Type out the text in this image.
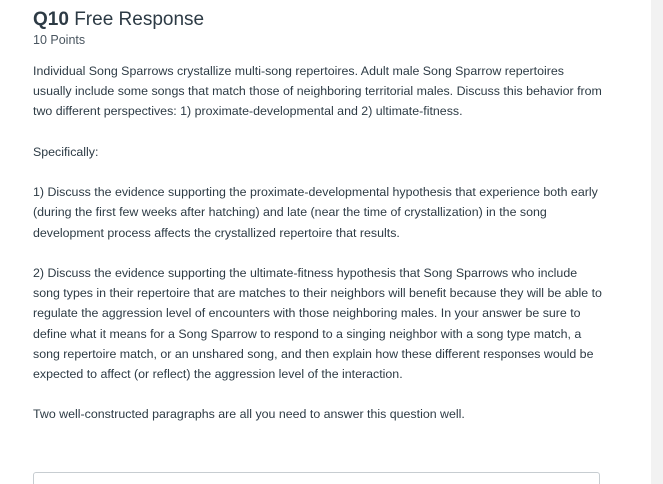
Q10 Free Response
10 Points

Individual Song Sparrows crystallize multi-song repertoires. Adult male Song Sparrow repertoires usually include some songs that match those of neighboring territorial males. Discuss this behavior from two different perspectives: 1) proximate-developmental and 2) ultimate-fitness.

Specifically:

1) Discuss the evidence supporting the proximate-developmental hypothesis that experience both early (during the first few weeks after hatching) and late (near the time of crystallization) in the song development process affects the crystallized repertoire that results.

2) Discuss the evidence supporting the ultimate-fitness hypothesis that Song Sparrows who include song types in their repertoire that are matches to their neighbors will benefit because they will be able to regulate the aggression level of encounters with those neighboring males. In your answer be sure to define what it means for a Song Sparrow to respond to a singing neighbor with a song type match, a song repertoire match, or an unshared song, and then explain how these different responses would be expected to affect (or reflect) the aggression level of the interaction.

Two well-constructed paragraphs are all you need to answer this question well.
